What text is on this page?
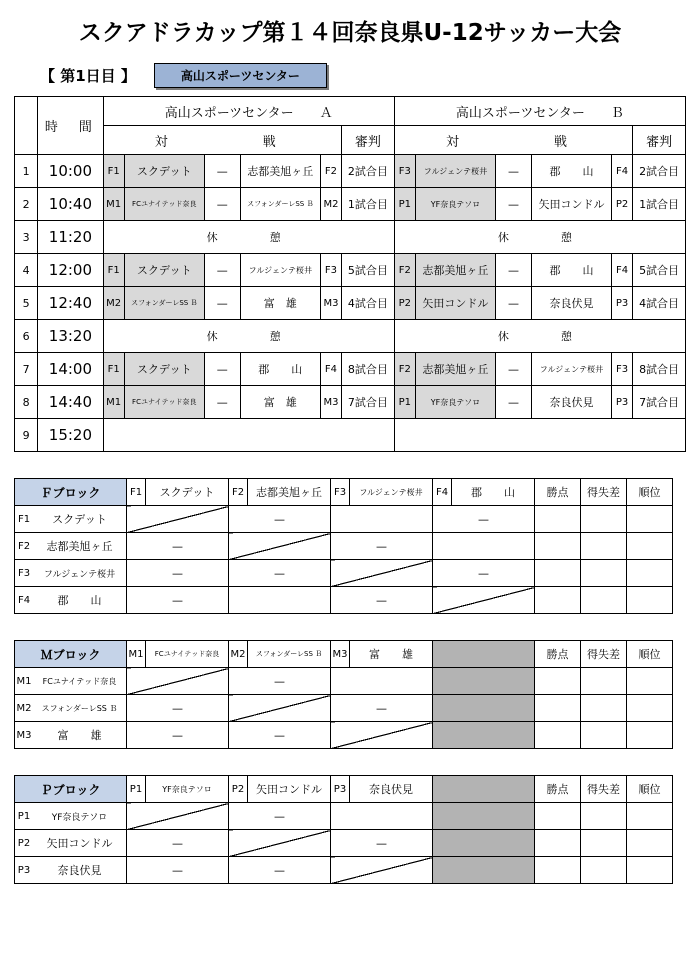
スクアドラカップ第１４回奈良県U-12サッカー大会
【 第1日目 】	高山スポーツセンター
	時　間	高山スポーツセンター　　Ａ						高山スポーツセンター　　Ｂ					
		対　　　戦					審判	対　　　戦					審判
1	10:00	F1	スクデット	—	志都美旭ヶ丘	F2	2試合目	F3	フルジェンテ桜井	—	郡　　山	F4	2試合目
2	10:40	M1	FCユナイテッド奈良	—	スフォンダーレSS Ｂ	M2	1試合目	P1	YF奈良テソロ	—	矢田コンドル	P2	1試合目
3	11:20	休　　憩						休　　憩					
4	12:00	F1	スクデット	—	フルジェンテ桜井	F3	5試合目	F2	志都美旭ヶ丘	—	郡　　山	F4	5試合目
5	12:40	M2	スフォンダーレSS Ｂ	—	富　雄	M3	4試合目	P2	矢田コンドル	—	奈良伏見	P3	4試合目
6	13:20	休　　憩						休　　憩					
7	14:00	F1	スクデット	—	郡　　山	F4	8試合目	F2	志都美旭ヶ丘	—	フルジェンテ桜井	F3	8試合目
8	14:40	M1	FCユナイテッド奈良	—	富　雄	M3	7試合目	P1	YF奈良テソロ	—	奈良伏見	P3	7試合目
9	15:20												
Ｆブロック	F1	スクデット	F2	志都美旭ヶ丘	F3	フルジェンテ桜井	F4	郡　　山	勝点	得失差	順位

F1 スクデット		—		—			

F2 志都美旭ヶ丘	—		—				

F3 フルジェンテ桜井	—	—		—			

F4 郡　　山	—		—				
Ｍブロック	M1	FCユナイテッド奈良	M2	スフォンダーレSS Ｂ	M3	富　　雄		勝点	得失差	順位

M1 FCユナイテッド奈良		—					

M2 スフォンダーレSS Ｂ	—		—				

M3 富　　雄	—	—					
Ｐブロック	P1	YF奈良テソロ	P2	矢田コンドル	P3	奈良伏見		勝点	得失差	順位

P1 YF奈良テソロ		—					

P2 矢田コンドル	—		—				

P3 奈良伏見	—	—					
